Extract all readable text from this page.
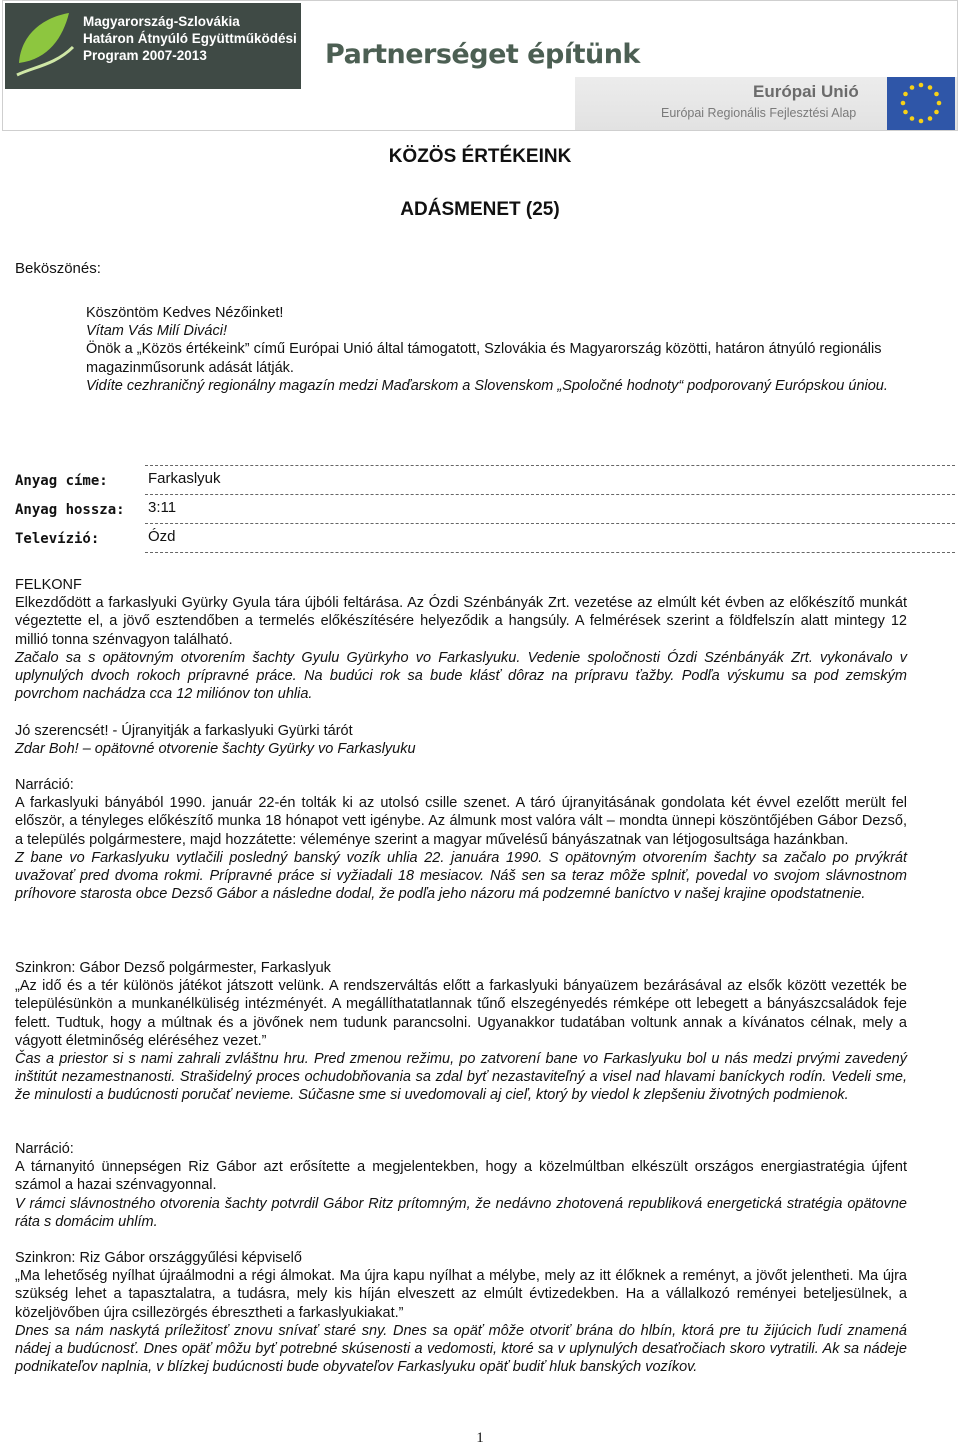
Magyarország-Szlovákia
Határon Átnyúló Együttműködési
Program 2007-2013	Partnerséget építünk
Európai Unió
Európai Regionális Fejlesztési Alap
KÖZÖS ÉRTÉKEINK
ADÁSMENET (25)
Beköszönés:
Köszöntöm Kedves Nézőinket!
Vítam Vás Milí Diváci!
Önök a „Közös értékeink” című Európai Unió által támogatott, Szlovákia és Magyarország közötti, határon átnyúló regionális magazinműsorunk adását látják.
Vidíte cezhraničný regionálny magazín medzi Maďarskom a Slovenskom „Spoločné hodnoty“ podporovaný Európskou úniou.
Anyag címe:	Farkaslyuk
Anyag hossza: 3:11
Televízió:	Ózd

FELKONF

Elkezdődött a farkaslyuki Gyürky Gyula tára újbóli feltárása. Az Ózdi Szénbányák Zrt. vezetése az elmúlt két évben az előkészítő munkát végeztette el, a jövő esztendőben a termelés előkészítésére helyeződik a hangsúly. A felmérések szerint a földfelszín alatt mintegy 12 millió tonna szénvagyon található.

Začalo sa s opätovným otvorením šachty Gyulu Gyürkyho vo Farkaslyuku. Vedenie spoločnosti Ózdi Szénbányák Zrt. vykonávalo v uplynulých dvoch rokoch prípravné práce. Na budúci rok sa bude klásť dôraz na prípravu ťažby. Podľa výskumu sa pod zemským povrchom nachádza cca 12 miliónov ton uhlia.

Jó szerencsét! - Újranyitják a farkaslyuki Gyürki tárót

Zdar Boh! – opätovné otvorenie šachty Gyürky vo Farkaslyuku

Narráció:

A farkaslyuki bányából 1990. január 22-én tolták ki az utolsó csille szenet. A táró újranyitásának gondolata két évvel ezelőtt merült fel először, a tényleges előkészítő munka 18 hónapot vett igénybe. Az álmunk most valóra vált – mondta ünnepi köszöntőjében Gábor Dezső, a település polgármestere, majd hozzátette: véleménye szerint a magyar művelésű bányászatnak van létjogosultsága hazánkban.

Z bane vo Farkaslyuku vytlačili posledný banský vozík uhlia 22. januára 1990. S opätovným otvorením šachty sa začalo po prvýkrát uvažovať pred dvoma rokmi. Prípravné práce si vyžiadali 18 mesiacov. Náš sen sa teraz môže splniť, povedal vo svojom slávnostnom príhovore starosta obce Dezső Gábor a následne dodal, že podľa jeho názoru má podzemné baníctvo v našej krajine opodstatnenie.

Szinkron: Gábor Dezső polgármester, Farkaslyuk

„Az idő és a tér különös játékot játszott velünk. A rendszerváltás előtt a farkaslyuki bányaüzem bezárásával az elsők között vezették be településünkön a munkanélküliség intézményét. A megállíthatatlannak tűnő elszegényedés rémképe ott lebegett a bányászcsaládok feje felett. Tudtuk, hogy a múltnak és a jövőnek nem tudunk parancsolni. Ugyanakkor tudatában voltunk annak a kívánatos célnak, mely a vágyott életminőség eléréséhez vezet.”

Čas a priestor si s nami zahrali zvláštnu hru. Pred zmenou režimu, po zatvorení bane vo Farkaslyuku bol u nás medzi prvými zavedený inštitút nezamestnanosti. Strašidelný proces ochudobňovania sa zdal byť nezastaviteľný a visel nad hlavami baníckych rodín. Vedeli sme, že minulosti a budúcnosti poručať nevieme. Súčasne sme si uvedomovali aj cieľ, ktorý by viedol k zlepšeniu životných podmienok.

Narráció:

A tárnanyitó ünnepségen Riz Gábor azt erősítette a megjelentekben, hogy a közelmúltban elkészült országos energiastratégia újfent számol a hazai szénvagyonnal.

V rámci slávnostného otvorenia šachty potvrdil Gábor Ritz prítomným, že nedávno zhotovená republiková energetická stratégia opätovne ráta s domácim uhlím.

Szinkron: Riz Gábor országgyűlési képviselő

„Ma lehetőség nyílhat újraálmodni a régi álmokat. Ma újra kapu nyílhat a mélybe, mely az itt élőknek a reményt, a jövőt jelentheti. Ma újra szükség lehet a tapasztalatra, a tudásra, mely kis híján elveszett az elmúlt évtizedekben. Ha a vállalkozó reményei beteljesülnek, a közeljövőben újra csillezörgés ébresztheti a farkaslyukiakat.”

Dnes sa nám naskytá príležitosť znovu snívať staré sny. Dnes sa opäť môže otvoriť brána do hlbín, ktorá pre tu žijúcich ľudí znamená nádej a budúcnosť. Dnes opäť môžu byť potrebné skúsenosti a vedomosti, ktoré sa v uplynulých desaťročiach skoro vytratili. Ak sa nádeje podnikateľov naplnia, v blízkej budúcnosti bude obyvateľov Farkaslyuku opäť budiť hluk banských vozíkov.

1
